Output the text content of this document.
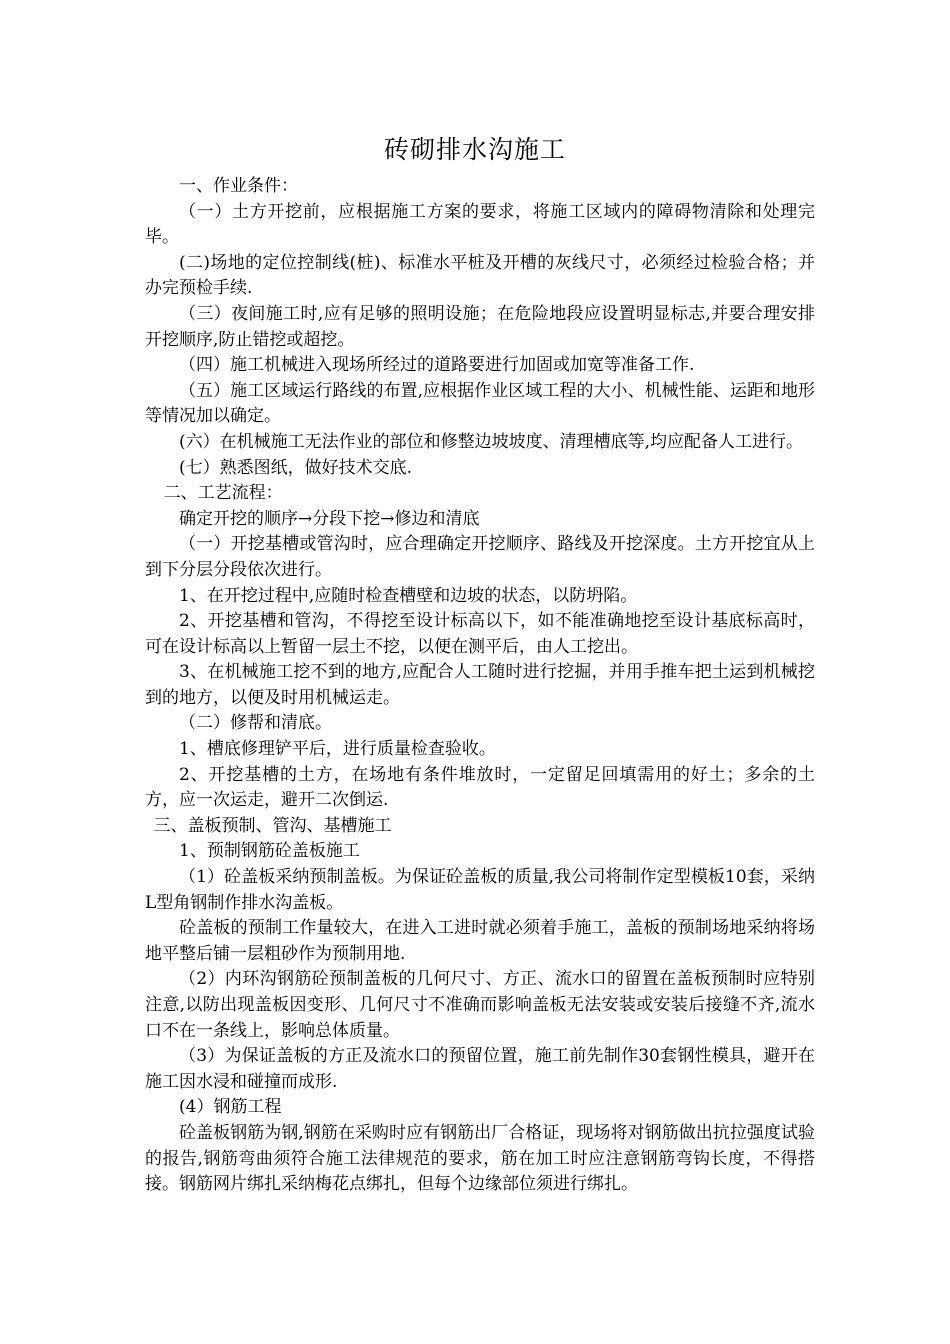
砖砌排水沟施工

一、作业条件：

（一）土方开挖前，应根据施工方案的要求，将施工区域内的障碍物清除和处理完毕。

(二)场地的定位控制线(桩)、标准水平桩及开槽的灰线尺寸，必须经过检验合格；并办完预检手续.

（三）夜间施工时,应有足够的照明设施；在危险地段应设置明显标志,并要合理安排开挖顺序,防止错挖或超挖。

（四）施工机械进入现场所经过的道路要进行加固或加宽等准备工作.

（五）施工区域运行路线的布置,应根据作业区域工程的大小、机械性能、运距和地形等情况加以确定。

(六）在机械施工无法作业的部位和修整边坡坡度、清理槽底等,均应配备人工进行。

(七）熟悉图纸，做好技术交底.

二、工艺流程：

确定开挖的顺序→分段下挖→修边和清底

（一）开挖基槽或管沟时，应合理确定开挖顺序、路线及开挖深度。土方开挖宜从上到下分层分段依次进行。

1、在开挖过程中,应随时检查槽壁和边坡的状态，以防坍陷。

2、开挖基槽和管沟，不得挖至设计标高以下，如不能准确地挖至设计基底标高时，可在设计标高以上暂留一层土不挖，以便在测平后，由人工挖出。

3、在机械施工挖不到的地方,应配合人工随时进行挖掘，并用手推车把土运到机械挖到的地方，以便及时用机械运走。

（二）修帮和清底。

1、槽底修理铲平后，进行质量检查验收。

2、开挖基槽的土方，在场地有条件堆放时，一定留足回填需用的好土；多余的土方，应一次运走，避开二次倒运.

三、盖板预制、管沟、基槽施工

1、预制钢筋砼盖板施工

（1）砼盖板采纳预制盖板。为保证砼盖板的质量,我公司将制作定型模板10套，采纳L型角钢制作排水沟盖板。

砼盖板的预制工作量较大，在进入工进时就必须着手施工，盖板的预制场地采纳将场地平整后铺一层粗砂作为预制用地.

（2）内环沟钢筋砼预制盖板的几何尺寸、方正、流水口的留置在盖板预制时应特别注意,以防出现盖板因变形、几何尺寸不准确而影响盖板无法安装或安装后接缝不齐,流水口不在一条线上，影响总体质量。

（3）为保证盖板的方正及流水口的预留位置，施工前先制作30套钢性模具，避开在施工因水浸和碰撞而成形.

(4）钢筋工程

砼盖板钢筋为钢,钢筋在采购时应有钢筋出厂合格证，现场将对钢筋做出抗拉强度试验的报告,钢筋弯曲须符合施工法律规范的要求，筋在加工时应注意钢筋弯钩长度，不得搭接。钢筋网片绑扎采纳梅花点绑扎，但每个边缘部位须进行绑扎。
